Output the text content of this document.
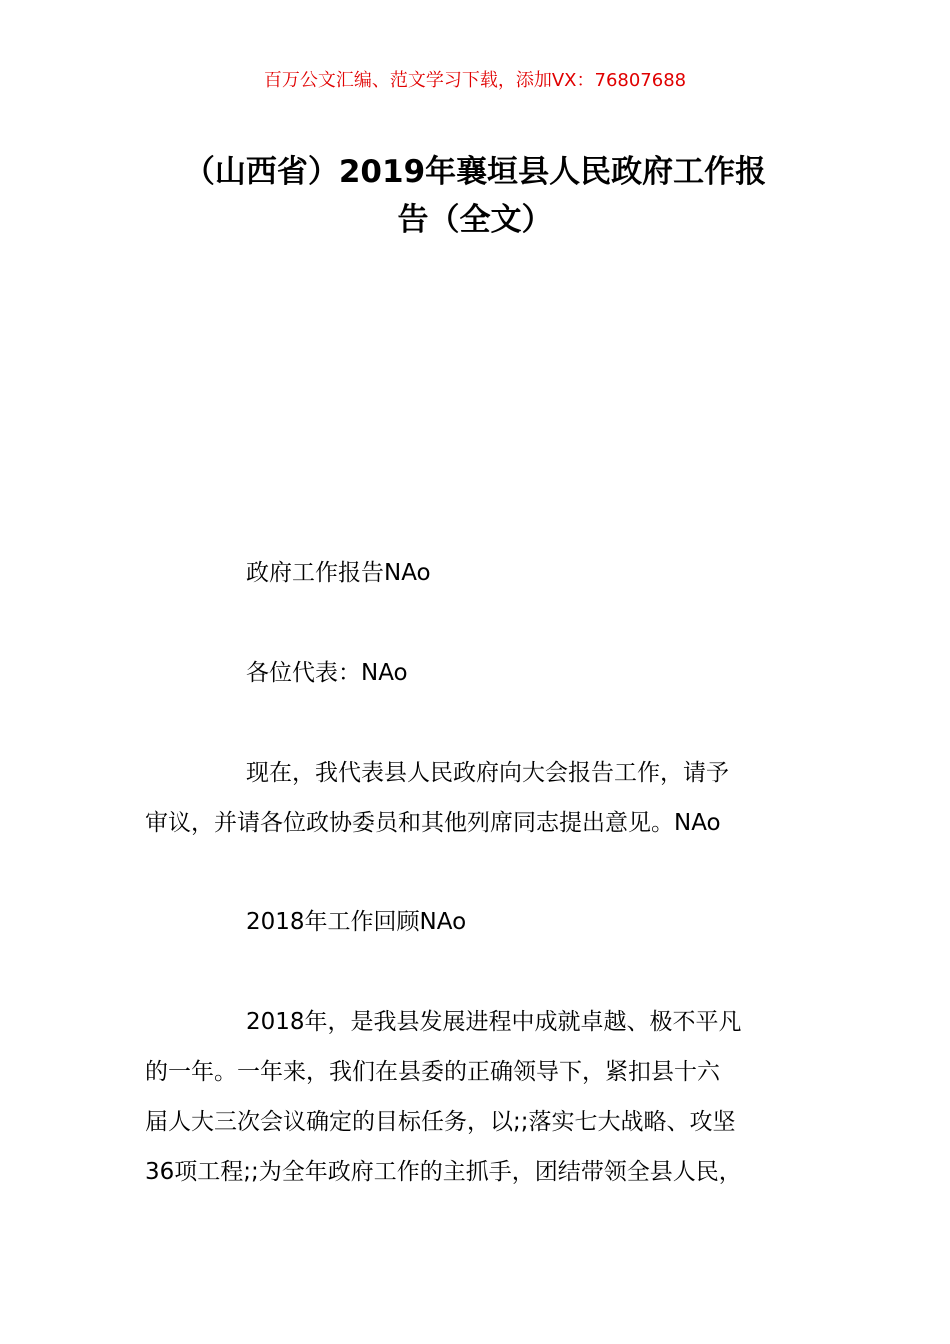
百万公文汇编、范文学习下载，添加VX：76807688
（山西省）2019年襄垣县人民政府工作报
告（全文）
政府工作报告NAo
各位代表：NAo
现在，我代表县人民政府向大会报告工作，请予
审议，并请各位政协委员和其他列席同志提出意见。NAo
2018年工作回顾NAo
2018年，是我县发展进程中成就卓越、极不平凡
的一年。一年来，我们在县委的正确领导下，紧扣县十六
届人大三次会议确定的目标任务，以;;落实七大战略、攻坚
36项工程;;为全年政府工作的主抓手，团结带领全县人民，
